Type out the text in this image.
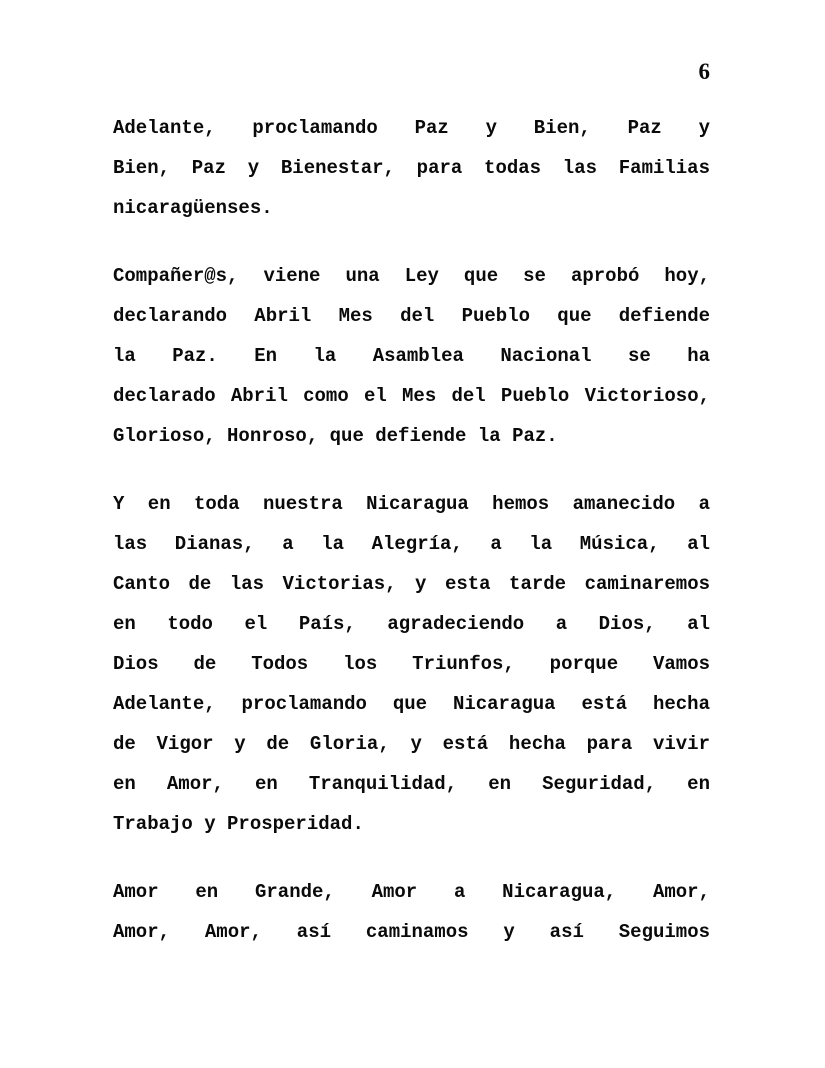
6
Adelante, proclamando Paz y Bien, Paz y
Bien, Paz y Bienestar, para todas las Familias
nicaragüenses.
Compañer@s, viene una Ley que se aprobó hoy,
declarando Abril Mes del Pueblo que defiende
la Paz. En la Asamblea Nacional se ha
declarado Abril como el Mes del Pueblo Victorioso,
Glorioso, Honroso, que defiende la Paz.
Y en toda nuestra Nicaragua hemos amanecido a
las Dianas, a la Alegría, a la Música, al
Canto de las Victorias, y esta tarde caminaremos
en todo el País, agradeciendo a Dios, al
Dios de Todos los Triunfos, porque Vamos
Adelante, proclamando que Nicaragua está hecha
de Vigor y de Gloria, y está hecha para vivir
en Amor, en Tranquilidad, en Seguridad, en
Trabajo y Prosperidad.
Amor en Grande, Amor a Nicaragua, Amor,
Amor, Amor, así caminamos y así Seguimos
